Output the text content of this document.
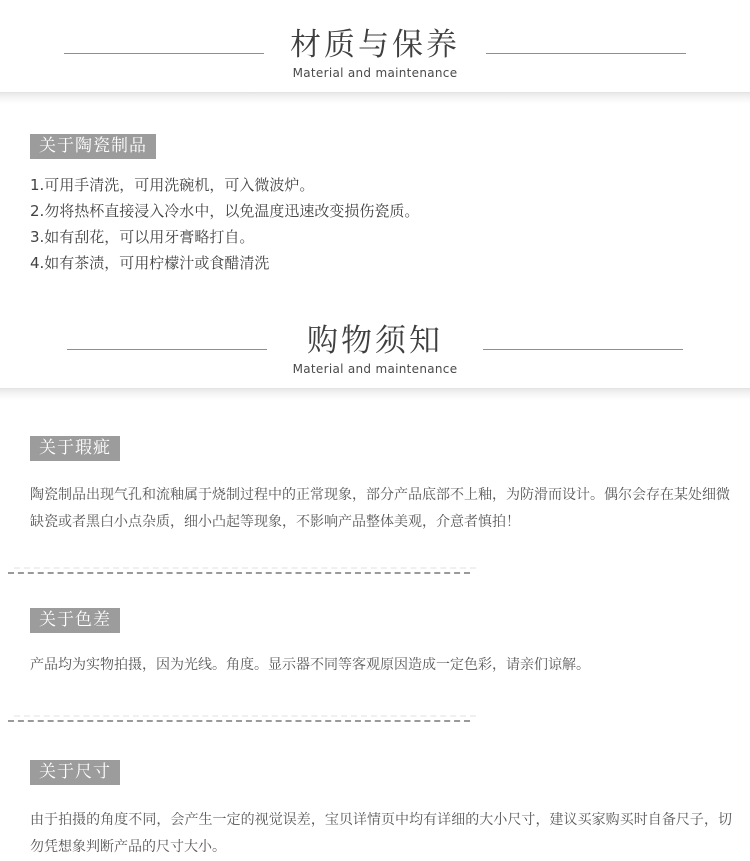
材质与保养
Material and maintenance
关于陶瓷制品

1.可用手清洗，可用洗碗机，可入微波炉。

2.勿将热杯直接浸入冷水中，以免温度迅速改变损伤瓷质。

3.如有刮花，可以用牙膏略打自。

4.如有茶渍，可用柠檬汁或食醋清洗

购物须知
Material and maintenance
关于瑕疵

陶瓷制品出现气孔和流釉属于烧制过程中的正常现象，部分产品底部不上釉，为防滑而设计。偶尔会存在某处细微缺瓷或者黑白小点杂质，细小凸起等现象，不影响产品整体美观，介意者慎拍！

关于色差

产品均为实物拍摄，因为光线。角度。显示器不同等客观原因造成一定色彩，请亲们谅解。

关于尺寸

由于拍摄的角度不同，会产生一定的视觉误差，宝贝详情页中均有详细的大小尺寸，建议买家购买时自备尺子，切勿凭想象判断产品的尺寸大小。
